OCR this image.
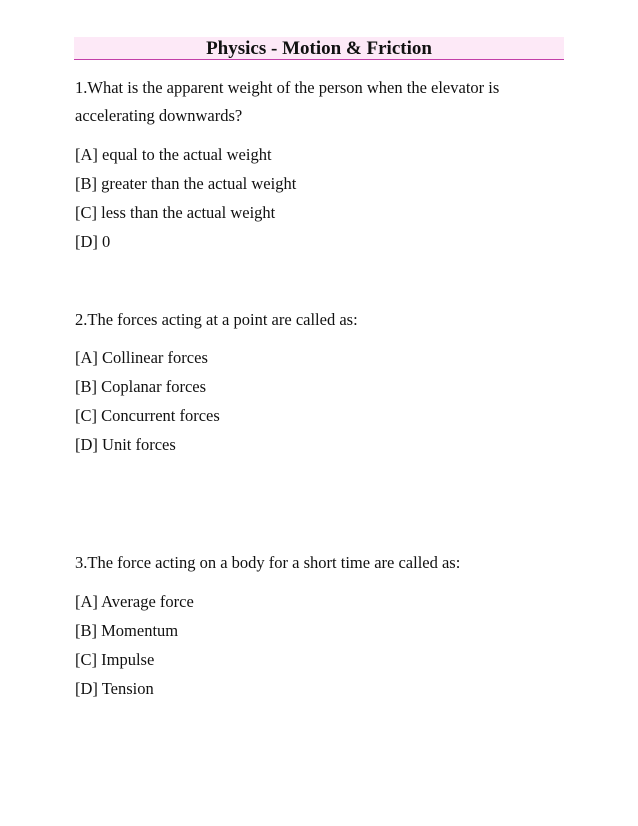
Physics - Motion & Friction
1.What is the apparent weight of the person when the elevator is
accelerating downwards?
[A] equal to the actual weight
[B] greater than the actual weight
[C] less than the actual weight
[D] 0
2.The forces acting at a point are called as:
[A] Collinear forces
[B] Coplanar forces
[C] Concurrent forces
[D] Unit forces
3.The force acting on a body for a short time are called as:
[A] Average force
[B] Momentum
[C] Impulse
[D] Tension
